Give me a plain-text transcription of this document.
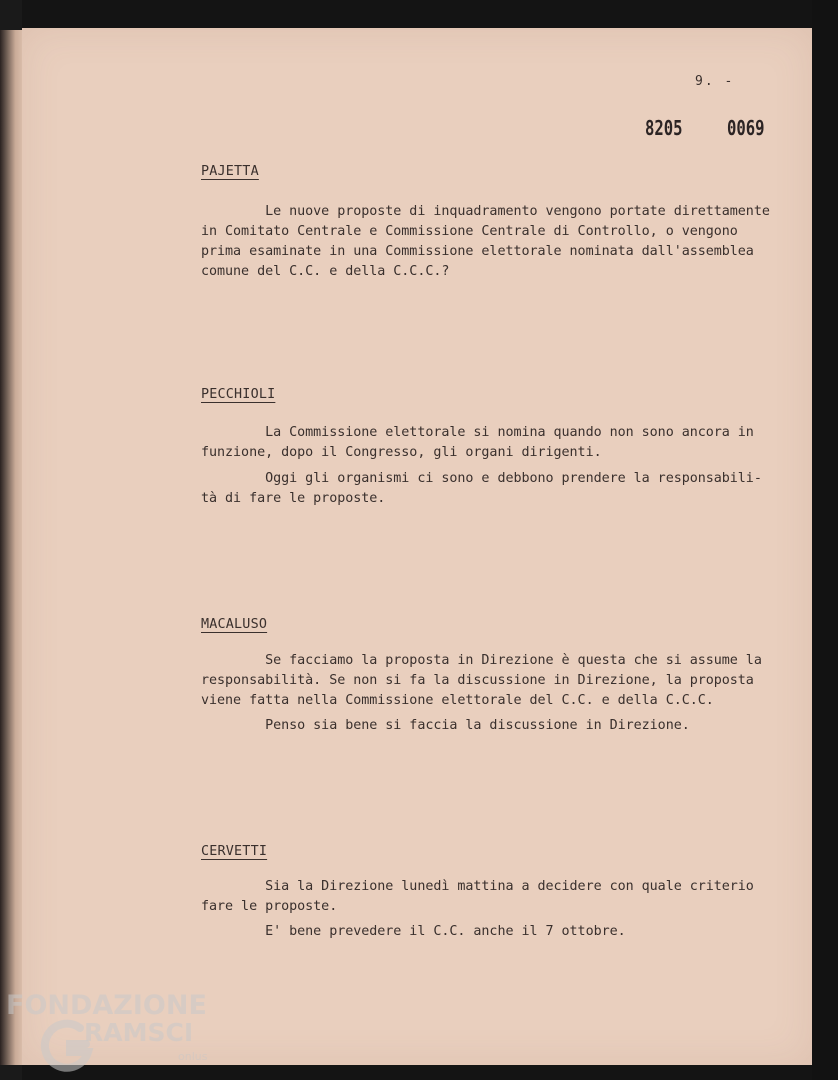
9. -
8205 0069
PAJETTA
Le nuove proposte di inquadramento vengono portate direttamente
in Comitato Centrale e Commissione Centrale di Controllo, o vengono
prima esaminate in una Commissione elettorale nominata dall'assemblea
comune del C.C. e della C.C.C.?
PECCHIOLI
La Commissione elettorale si nomina quando non sono ancora in
funzione, dopo il Congresso, gli organi dirigenti.
Oggi gli organismi ci sono e debbono prendere la responsabili-
tà di fare le proposte.
MACALUSO
Se facciamo la proposta in Direzione è questa che si assume la
responsabilità. Se non si fa la discussione in Direzione, la proposta
viene fatta nella Commissione elettorale del C.C. e della C.C.C.
Penso sia bene si faccia la discussione in Direzione.
CERVETTI
Sia la Direzione lunedì mattina a decidere con quale criterio
fare le proposte.
E' bene prevedere il C.C. anche il 7 ottobre.
FONDAZIONE
RAMSCI
onlus
